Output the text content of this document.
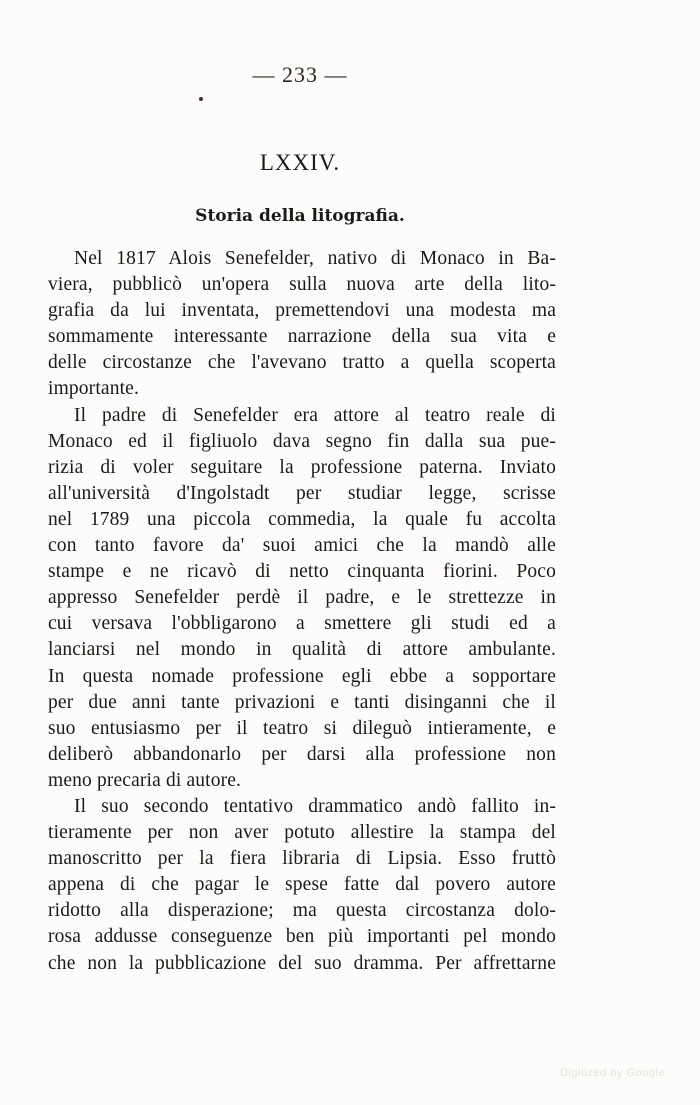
— 233 —
LXXIV.
Storia della litografia.
Nel 1817 Alois Senefelder, nativo di Monaco in Ba-
viera, pubblicò un'opera sulla nuova arte della lito-
grafia da lui inventata, premettendovi una modesta ma
sommamente interessante narrazione della sua vita e
delle circostanze che l'avevano tratto a quella scoperta
importante.
Il padre di Senefelder era attore al teatro reale di
Monaco ed il figliuolo dava segno fin dalla sua pue-
rizia di voler seguitare la professione paterna. Inviato
all'università d'Ingolstadt per studiar legge, scrisse
nel 1789 una piccola commedia, la quale fu accolta
con tanto favore da' suoi amici che la mandò alle
stampe e ne ricavò di netto cinquanta fiorini. Poco
appresso Senefelder perdè il padre, e le strettezze in
cui versava l'obbligarono a smettere gli studi ed a
lanciarsi nel mondo in qualità di attore ambulante.
In questa nomade professione egli ebbe a sopportare
per due anni tante privazioni e tanti disinganni che il
suo entusiasmo per il teatro si dileguò intieramente, e
deliberò abbandonarlo per darsi alla professione non
meno precaria di autore.
Il suo secondo tentativo drammatico andò fallito in-
tieramente per non aver potuto allestire la stampa del
manoscritto per la fiera libraria di Lipsia. Esso fruttò
appena di che pagar le spese fatte dal povero autore
ridotto alla disperazione; ma questa circostanza dolo-
rosa addusse conseguenze ben più importanti pel mondo
che non la pubblicazione del suo dramma. Per affrettarne
Digitized by Google
